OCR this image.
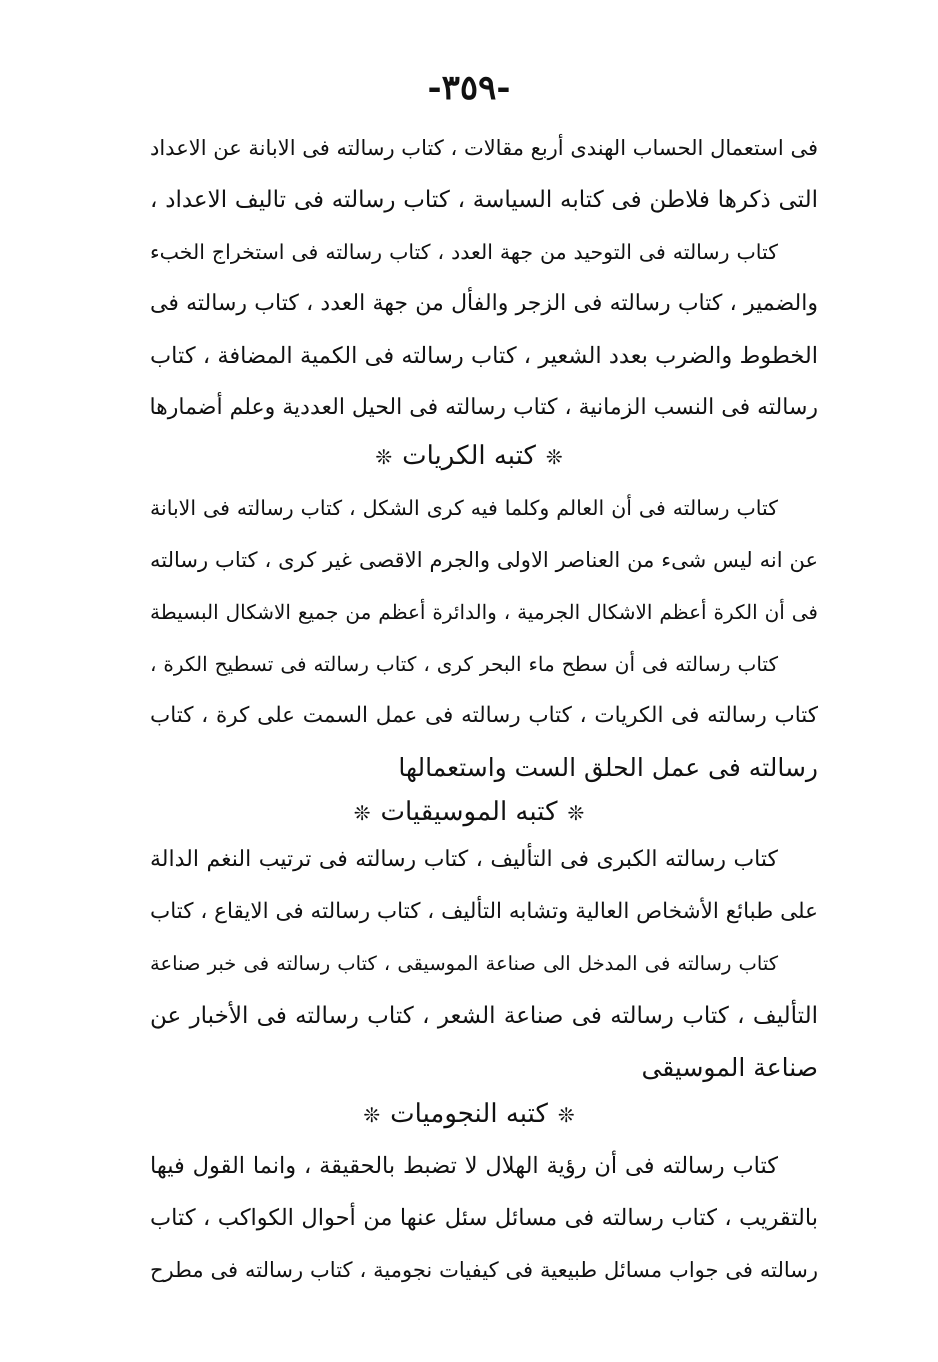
-٣٥٩-
فى استعمال الحساب الهندى أربع مقالات ، كتاب رسالته فى الابانة عن الاعداد
التى ذكرها فلاطن فى كتابه السياسة ، كتاب رسالته فى تاليف الاعداد ،
كتاب رسالته فى التوحيد من جهة العدد ، كتاب رسالته فى استخراج الخبء
والضمير ، كتاب رسالته فى الزجر والفأل من جهة العدد ، كتاب رسالته فى
الخطوط والضرب بعدد الشعير ، كتاب رسالته فى الكمية المضافة ، كتاب
رسالته فى النسب الزمانية ، كتاب رسالته فى الحيل العددية وعلم أضمارها
❊كتبه الكريات❊
كتاب رسالته فى أن العالم وكلما فيه كرى الشكل ، كتاب رسالته فى الابانة
عن انه ليس شىء من العناصر الاولى والجرم الاقصى غير كرى ، كتاب رسالته
فى أن الكرة أعظم الاشكال الجرمية ، والدائرة أعظم من جميع الاشكال البسيطة
كتاب رسالته فى أن سطح ماء البحر كرى ، كتاب رسالته فى تسطيح الكرة ،
كتاب رسالته فى الكريات ، كتاب رسالته فى عمل السمت على كرة ، كتاب
رسالته فى عمل الحلق الست واستعمالها
❊كتبه الموسيقيات❊
كتاب رسالته الكبرى فى التأليف ، كتاب رسالته فى ترتيب النغم الدالة
على طبائع الأشخاص العالية وتشابه التأليف ، كتاب رسالته فى الايقاع ، كتاب
كتاب رسالته فى المدخل الى صناعة الموسيقى ، كتاب رسالته فى خبر صناعة
التأليف ، كتاب رسالته فى صناعة الشعر ، كتاب رسالته فى الأخبار عن
صناعة الموسيقى
❊كتبه النجوميات❊
كتاب رسالته فى أن رؤية الهلال لا تضبط بالحقيقة ، وانما القول فيها
بالتقريب ، كتاب رسالته فى مسائل سئل عنها من أحوال الكواكب ، كتاب
رسالته فى جواب مسائل طبيعية فى كيفيات نجومية ، كتاب رسالته فى مطرح
